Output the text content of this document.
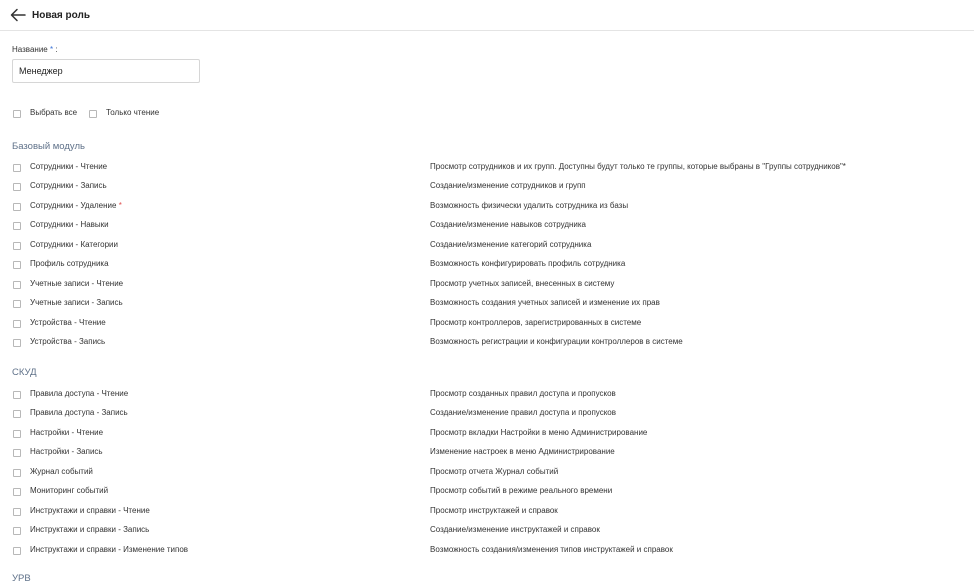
Новая роль
Название * :
Менеджер
Выбрать все	Только чтение
Базовый модуль
Сотрудники - Чтение	Просмотр сотрудников и их групп. Доступны будут только те группы, которые выбраны в "Группы сотрудников"*
Сотрудники - Запись	Создание/изменение сотрудников и групп
Сотрудники - Удаление *	Возможность физически удалить сотрудника из базы
Сотрудники - Навыки	Создание/изменение навыков сотрудника
Сотрудники - Категории	Создание/изменение категорий сотрудника
Профиль сотрудника	Возможность конфигурировать профиль сотрудника
Учетные записи - Чтение	Просмотр учетных записей, внесенных в систему
Учетные записи - Запись	Возможность создания учетных записей и изменение их прав
Устройства - Чтение	Просмотр контроллеров, зарегистрированных в системе
Устройства - Запись	Возможность регистрации и конфигурации контроллеров в системе
СКУД
Правила доступа - Чтение	Просмотр созданных правил доступа и пропусков
Правила доступа - Запись	Создание/изменение правил доступа и пропусков
Настройки - Чтение	Просмотр вкладки Настройки в меню Администрирование
Настройки - Запись	Изменение настроек в меню Администрирование
Журнал событий	Просмотр отчета Журнал событий
Мониторинг событий	Просмотр событий в режиме реального времени
Инструктажи и справки - Чтение	Просмотр инструктажей и справок
Инструктажи и справки - Запись	Создание/изменение инструктажей и справок
Инструктажи и справки - Изменение типов	Возможность создания/изменения типов инструктажей и справок
УРВ
